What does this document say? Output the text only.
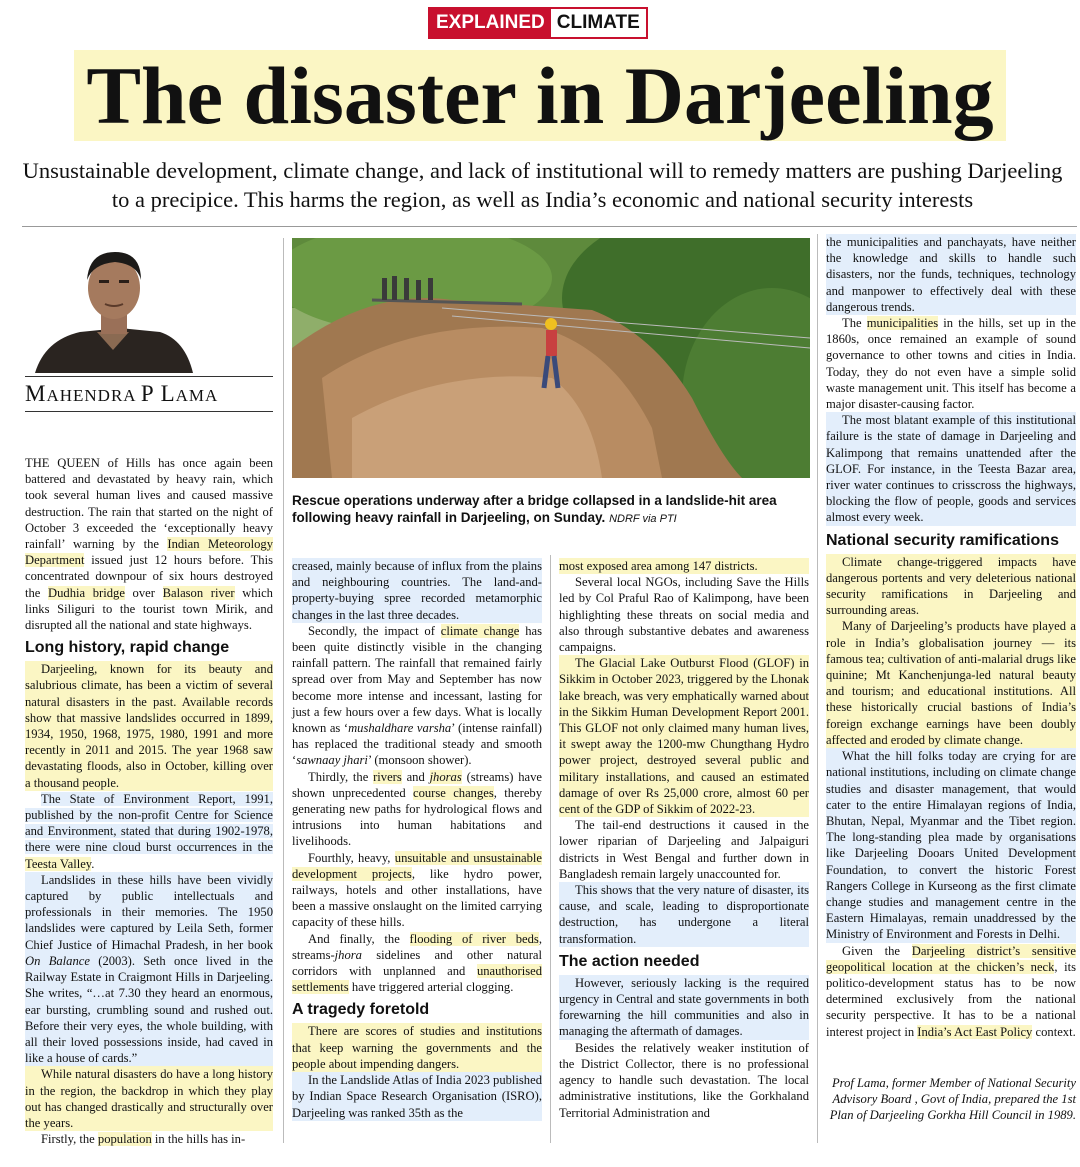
EXPLAINED CLIMATE
The disaster in Darjeeling

Unsustainable development, climate change, and lack of institutional will to remedy matters are pushing Darjeeling to a precipice. This harms the region, as well as India’s economic and national security interests

MAHENDRA P LAMA
Rescue operations underway after a bridge collapsed in a landslide-hit area following heavy rainfall in Darjeeling, on Sunday. NDRF via PTI

THE QUEEN of Hills has once again been battered and devastated by heavy rain, which took several human lives and caused massive destruction. The rain that started on the night of October 3 exceeded the ‘exceptionally heavy rainfall’ warning by the Indian Meteorology Department issued just 12 hours before. This concentrated downpour of six hours destroyed the Dudhia bridge over Balason river which links Siliguri to the tourist town Mirik, and disrupted all the national and state highways.

Long history, rapid change

Darjeeling, known for its beauty and salubrious climate, has been a victim of several natural disasters in the past. Available records show that massive landslides occurred in 1899, 1934, 1950, 1968, 1975, 1980, 1991 and more recently in 2011 and 2015. The year 1968 saw devastating floods, also in October, killing over a thousand people.

The State of Environment Report, 1991, published by the non-profit Centre for Science and Environment, stated that during 1902-1978, there were nine cloud burst occurrences in the Teesta Valley.

Landslides in these hills have been vividly captured by public intellectuals and professionals in their memories. The 1950 landslides were captured by Leila Seth, former Chief Justice of Himachal Pradesh, in her book On Balance (2003). Seth once lived in the Railway Estate in Craigmont Hills in Darjeeling. She writes, “…at 7.30 they heard an enormous, ear bursting, crumbling sound and rushed out. Before their very eyes, the whole building, with all their loved possessions inside, had caved in like a house of cards.”

While natural disasters do have a long history in the region, the backdrop in which they play out has changed drastically and structurally over the years.

Firstly, the population in the hills has in-

creased, mainly because of influx from the plains and neighbouring countries. The land-and-property-buying spree recorded metamorphic changes in the last three decades.

Secondly, the impact of climate change has been quite distinctly visible in the changing rainfall pattern. The rainfall that remained fairly spread over from May and September has now become more intense and incessant, lasting for just a few hours over a few days. What is locally known as ‘mushaldhare varsha’ (intense rainfall) has replaced the traditional steady and smooth ‘sawnaay jhari’ (monsoon shower).

Thirdly, the rivers and jhoras (streams) have shown unprecedented course changes, thereby generating new paths for hydrological flows and intrusions into human habitations and livelihoods.

Fourthly, heavy, unsuitable and unsustainable development projects, like hydro power, railways, hotels and other installations, have been a massive onslaught on the limited carrying capacity of these hills.

And finally, the flooding of river beds, streams-jhora sidelines and other natural corridors with unplanned and unauthorised settlements have triggered arterial clogging.

A tragedy foretold

There are scores of studies and institutions that keep warning the governments and the people about impending dangers.

In the Landslide Atlas of India 2023 published by Indian Space Research Organisation (ISRO), Darjeeling was ranked 35th as the

most exposed area among 147 districts.

Several local NGOs, including Save the Hills led by Col Praful Rao of Kalimpong, have been highlighting these threats on social media and also through substantive debates and awareness campaigns.

The Glacial Lake Outburst Flood (GLOF) in Sikkim in October 2023, triggered by the Lhonak lake breach, was very emphatically warned about in the Sikkim Human Development Report 2001. This GLOF not only claimed many human lives, it swept away the 1200-mw Chungthang Hydro power project, destroyed several public and military installations, and caused an estimated damage of over Rs 25,000 crore, almost 60 per cent of the GDP of Sikkim of 2022-23.

The tail-end destructions it caused in the lower riparian of Darjeeling and Jalpaiguri districts in West Bengal and further down in Bangladesh remain largely unaccounted for.

This shows that the very nature of disaster, its cause, and scale, leading to disproportionate destruction, has undergone a literal transformation.

The action needed

However, seriously lacking is the required urgency in Central and state governments in both forewarning the hill communities and also in managing the aftermath of damages.

Besides the relatively weaker institution of the District Collector, there is no professional agency to handle such devastation. The local administrative institutions, like the Gorkhaland Territorial Administration and

the municipalities and panchayats, have neither the knowledge and skills to handle such disasters, nor the funds, techniques, technology and manpower to effectively deal with these dangerous trends.

The municipalities in the hills, set up in the 1860s, once remained an example of sound governance to other towns and cities in India. Today, they do not even have a simple solid waste management unit. This itself has become a major disaster-causing factor.

The most blatant example of this institutional failure is the state of damage in Darjeeling and Kalimpong that remains unattended after the GLOF. For instance, in the Teesta Bazar area, river water continues to crisscross the highways, blocking the flow of people, goods and services almost every week.

National security ramifications

Climate change-triggered impacts have dangerous portents and very deleterious national security ramifications in Darjeeling and surrounding areas.

Many of Darjeeling’s products have played a role in India’s globalisation journey — its famous tea; cultivation of anti-malarial drugs like quinine; Mt Kanchenjunga-led natural beauty and tourism; and educational institutions. All these historically crucial bastions of India’s foreign exchange earnings have been doubly affected and eroded by climate change.

What the hill folks today are crying for are national institutions, including on climate change studies and disaster management, that would cater to the entire Himalayan regions of India, Bhutan, Nepal, Myanmar and the Tibet region. The long-standing plea made by organisations like Darjeeling Dooars United Development Foundation, to convert the historic Forest Rangers College in Kurseong as the first climate change studies and management centre in the Eastern Himalayas, remain unaddressed by the Ministry of Environment and Forests in Delhi.

Given the Darjeeling district’s sensitive geopolitical location at the chicken’s neck, its politico-development status has to be now determined exclusively from the national security perspective. It has to be a national interest project in India’s Act East Policy context.

Prof Lama, former Member of National Security Advisory Board , Govt of India, prepared the 1st Plan of Darjeeling Gorkha Hill Council in 1989.
